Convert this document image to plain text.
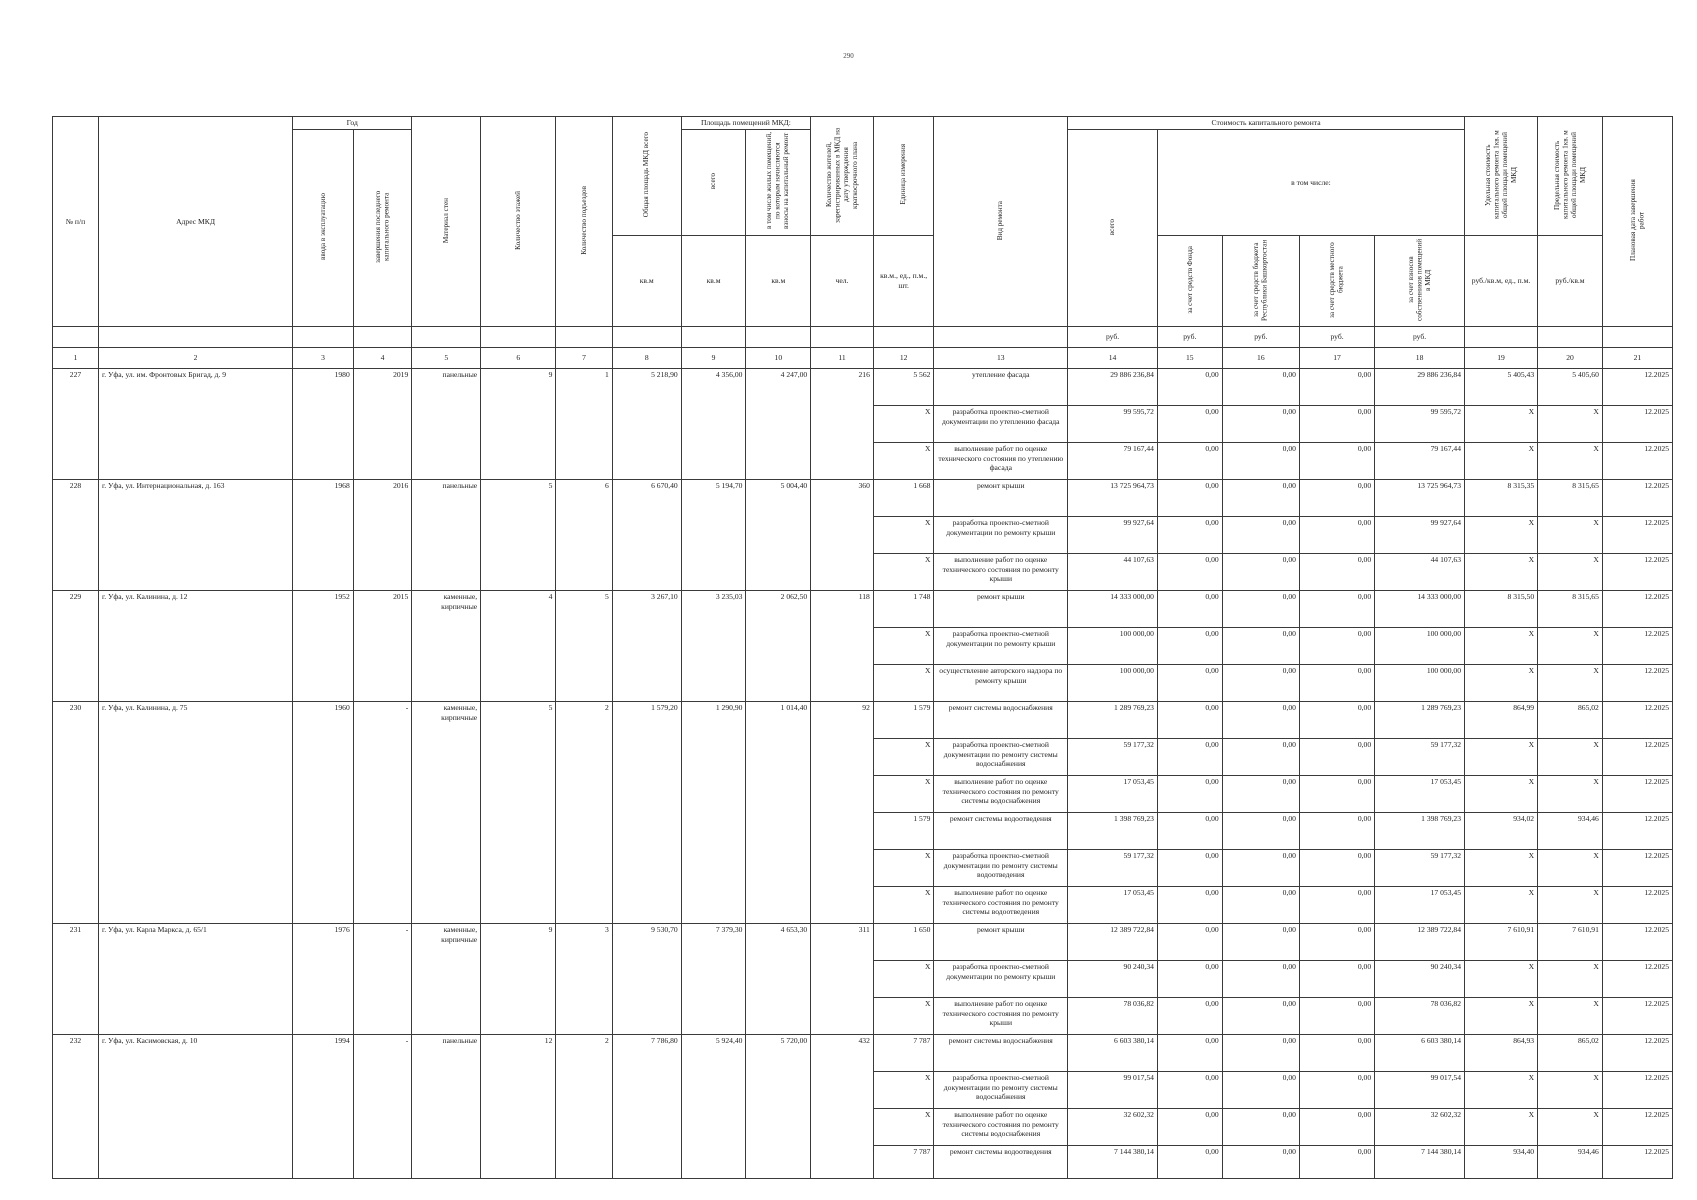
290
№ п/п	Адрес МКД	Год		Материал стен	Количество этажей	Количество подъездов	Общая площадь МКД всего	Площадь помещений МКД:		Количество жителей, зарегистрированных в МКД на дату утверждения краткосрочного плана	Единица измерения	Вид ремонта	Стоимость капитального ремонта					Удельная стоимость капитального ремонта 1кв. м общей площади помещений МКД	Предельная стоимость капитального ремонта 1кв. м общей площади помещений МКД	Плановая дата завершения работ
		ввода в эксплуатацию	завершения последнего капитального ремонта					всего	в том числе жилых помещений, по которым начисляются взносы на капитальный ремонт				всего	в том числе:						
							кв.м	кв.м	кв.м	чел.	кв.м., ед., п.м., шт.			за счет средств Фонда	за счет средств бюджета Республики Башкортостан	за счет средств местного бюджета	за счет взносов собственников помещений в МКД	руб./кв.м, ед., п.м.	руб./кв.м	
													руб.	руб.	руб.	руб.	руб.			
1	2	3	4	5	6	7	8	9	10	11	12	13	14	15	16	17	18	19	20	21
227	г. Уфа, ул. им. Фронтовых Бригад, д. 9	1980	2019	панельные	9	1	5 218,90	4 356,00	4 247,00	216	5 562	утепление фасада	29 886 236,84	0,00	0,00	0,00	29 886 236,84	5 405,43	5 405,60	12.2025
											X	разработка проектно-сметной документации по утеплению фасада	99 595,72	0,00	0,00	0,00	99 595,72	X	X	12.2025
											X	выполнение работ по оценке технического состояния по утеплению фасада	79 167,44	0,00	0,00	0,00	79 167,44	X	X	12.2025
228	г. Уфа, ул. Интернациональная, д. 163	1968	2016	панельные	5	6	6 670,40	5 194,70	5 004,40	360	1 668	ремонт крыши	13 725 964,73	0,00	0,00	0,00	13 725 964,73	8 315,35	8 315,65	12.2025
											X	разработка проектно-сметной документации по ремонту крыши	99 927,64	0,00	0,00	0,00	99 927,64	X	X	12.2025
											X	выполнение работ по оценке технического состояния по ремонту крыши	44 107,63	0,00	0,00	0,00	44 107,63	X	X	12.2025
229	г. Уфа, ул. Калинина, д. 12	1952	2015	каменные, кирпичные	4	5	3 267,10	3 235,03	2 062,50	118	1 748	ремонт крыши	14 333 000,00	0,00	0,00	0,00	14 333 000,00	8 315,50	8 315,65	12.2025
											X	разработка проектно-сметной документации по ремонту крыши	100 000,00	0,00	0,00	0,00	100 000,00	X	X	12.2025
											X	осуществление авторского надзора по ремонту крыши	100 000,00	0,00	0,00	0,00	100 000,00	X	X	12.2025
230	г. Уфа, ул. Калинина, д. 75	1960	-	каменные, кирпичные	5	2	1 579,20	1 290,90	1 014,40	92	1 579	ремонт системы водоснабжения	1 289 769,23	0,00	0,00	0,00	1 289 769,23	864,99	865,02	12.2025
											X	разработка проектно-сметной документации по ремонту системы водоснабжения	59 177,32	0,00	0,00	0,00	59 177,32	X	X	12.2025
											X	выполнение работ по оценке технического состояния по ремонту системы водоснабжения	17 053,45	0,00	0,00	0,00	17 053,45	X	X	12.2025
											1 579	ремонт системы водоотведения	1 398 769,23	0,00	0,00	0,00	1 398 769,23	934,02	934,46	12.2025
											X	разработка проектно-сметной документации по ремонту системы водоотведения	59 177,32	0,00	0,00	0,00	59 177,32	X	X	12.2025
											X	выполнение работ по оценке технического состояния по ремонту системы водоотведения	17 053,45	0,00	0,00	0,00	17 053,45	X	X	12.2025
231	г. Уфа, ул. Карла Маркса, д. 65/1	1976	-	каменные, кирпичные	9	3	9 530,70	7 379,30	4 653,30	311	1 650	ремонт крыши	12 389 722,84	0,00	0,00	0,00	12 389 722,84	7 610,91	7 610,91	12.2025
											X	разработка проектно-сметной документации по ремонту крыши	90 240,34	0,00	0,00	0,00	90 240,34	X	X	12.2025
											X	выполнение работ по оценке технического состояния по ремонту крыши	78 036,82	0,00	0,00	0,00	78 036,82	X	X	12.2025
232	г. Уфа, ул. Касимовская, д. 10	1994	-	панельные	12	2	7 786,80	5 924,40	5 720,00	432	7 787	ремонт системы водоснабжения	6 603 380,14	0,00	0,00	0,00	6 603 380,14	864,93	865,02	12.2025
											X	разработка проектно-сметной документации по ремонту системы водоснабжения	99 017,54	0,00	0,00	0,00	99 017,54	X	X	12.2025
											X	выполнение работ по оценке технического состояния по ремонту системы водоснабжения	32 602,32	0,00	0,00	0,00	32 602,32	X	X	12.2025
											7 787	ремонт системы водоотведения	7 144 380,14	0,00	0,00	0,00	7 144 380,14	934,40	934,46	12.2025
